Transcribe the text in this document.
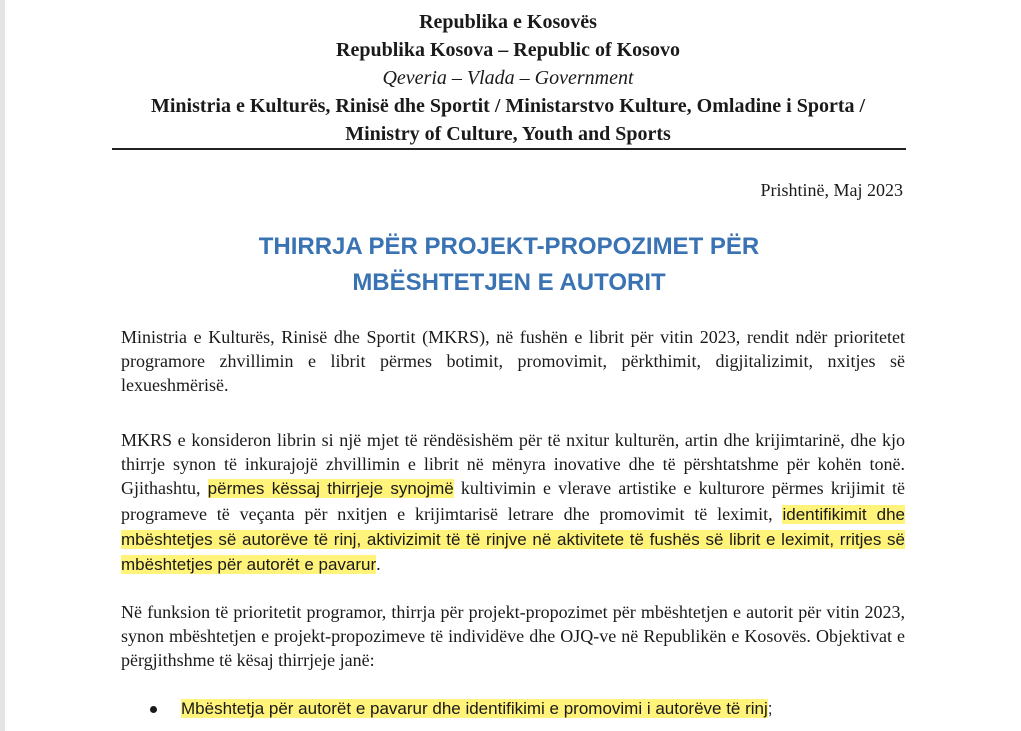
Republika e Kosovës
Republika Kosova – Republic of Kosovo
Qeveria – Vlada – Government
Ministria e Kulturës, Rinisë dhe Sportit / Ministarstvo Kulture, Omladine i Sporta /
Ministry of Culture, Youth and Sports
Prishtinë, Maj 2023
THIRRJA PËR PROJEKT-PROPOZIMET PËR
MBËSHTETJEN E AUTORIT
Ministria e Kulturës, Rinisë dhe Sportit (MKRS), në fushën e librit për vitin 2023, rendit ndër prioritetet programore zhvillimin e librit përmes botimit, promovimit, përkthimit, digjitalizimit, nxitjes së lexueshmërisë.
MKRS e konsideron librin si një mjet të rëndësishëm për të nxitur kulturën, artin dhe krijimtarinë, dhe kjo thirrje synon të inkurajojë zhvillimin e librit në mënyra inovative dhe të përshtatshme për kohën tonë. Gjithashtu, përmes këssaj thirrjeje synojmë kultivimin e vlerave artistike e kulturore përmes krijimit të programeve të veçanta për nxitjen e krijimtarisë letrare dhe promovimit të leximit, identifikimit dhe mbështetjes së autorëve të rinj, aktivizimit të të rinjve në aktivitete të fushës së librit e leximit, rritjes së mbështetjes për autorët e pavarur.
Në funksion të prioritetit programor, thirrja për projekt-propozimet për mbështetjen e autorit për vitin 2023, synon mbështetjen e projekt-propozimeve të individëve dhe OJQ-ve në Republikën e Kosovës. Objektivat e përgjithshme të kësaj thirrjeje janë:
Mbështetja për autorët e pavarur dhe identifikimi e promovimi i autorëve të rinj;
